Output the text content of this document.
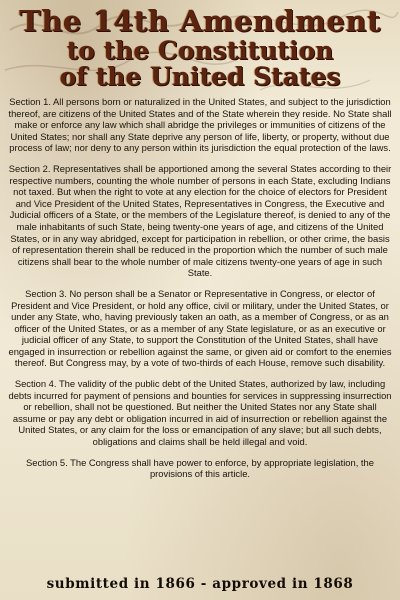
The 14th Amendment
to the Constitution
of the United States

Section 1. All persons born or naturalized in the United States, and subject to the jurisdiction thereof, are citizens of the United States and of the State wherein they reside. No State shall make or enforce any law which shall abridge the privileges or immunities of citizens of the United States; nor shall any State deprive any person of life, liberty, or property, without due process of law; nor deny to any person within its jurisdiction the equal protection of the laws.

Section 2. Representatives shall be apportioned among the several States according to their respective numbers, counting the whole number of persons in each State, excluding Indians not taxed. But when the right to vote at any election for the choice of electors for President and Vice President of the United States, Representatives in Congress, the Executive and Judicial officers of a State, or the members of the Legislature thereof, is denied to any of the male inhabitants of such State, being twenty-one years of age, and citizens of the United States, or in any way abridged, except for participation in rebellion, or other crime, the basis of representation therein shall be reduced in the proportion which the number of such male citizens shall bear to the whole number of male citizens twenty-one years of age in such State.

Section 3. No person shall be a Senator or Representative in Congress, or elector of President and Vice President, or hold any office, civil or military, under the United States, or under any State, who, having previously taken an oath, as a member of Congress, or as an officer of the United States, or as a member of any State legislature, or as an executive or judicial officer of any State, to support the Constitution of the United States, shall have engaged in insurrection or rebellion against the same, or given aid or comfort to the enemies thereof. But Congress may, by a vote of two-thirds of each House, remove such disability.

Section 4. The validity of the public debt of the United States, authorized by law, including debts incurred for payment of pensions and bounties for services in suppressing insurrection or rebellion, shall not be questioned. But neither the United States nor any State shall assume or pay any debt or obligation incurred in aid of insurrection or rebellion against the United States, or any claim for the loss or emancipation of any slave; but all such debts, obligations and claims shall be held illegal and void.

Section 5. The Congress shall have power to enforce, by appropriate legislation, the provisions of this article.

submitted in 1866 - approved in 1868
